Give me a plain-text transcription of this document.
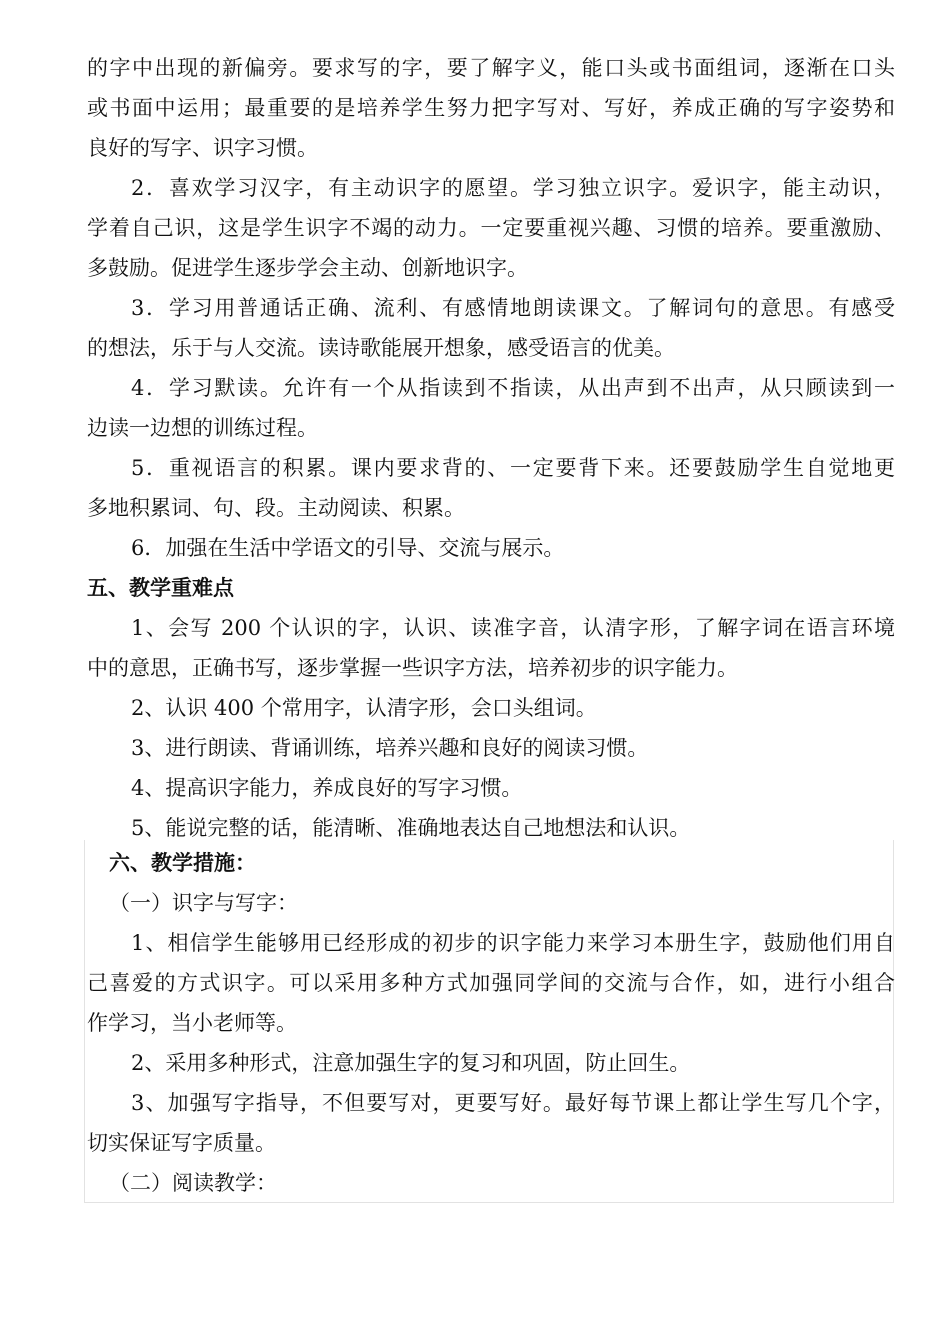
的字中出现的新偏旁。要求写的字，要了解字义，能口头或书面组词，逐渐在口头
或书面中运用；最重要的是培养学生努力把字写对、写好，养成正确的写字姿势和
良好的写字、识字习惯。
2．喜欢学习汉字，有主动识字的愿望。学习独立识字。爱识字，能主动识，
学着自己识，这是学生识字不竭的动力。一定要重视兴趣、习惯的培养。要重激励、
多鼓励。促进学生逐步学会主动、创新地识字。
3．学习用普通话正确、流利、有感情地朗读课文。了解词句的意思。有感受
的想法，乐于与人交流。读诗歌能展开想象，感受语言的优美。
4．学习默读。允许有一个从指读到不指读，从出声到不出声，从只顾读到一
边读一边想的训练过程。
5．重视语言的积累。课内要求背的、一定要背下来。还要鼓励学生自觉地更
多地积累词、句、段。主动阅读、积累。
6．加强在生活中学语文的引导、交流与展示。
五、教学重难点
1、会写 200 个认识的字，认识、读准字音，认清字形，了解字词在语言环境
中的意思，正确书写，逐步掌握一些识字方法，培养初步的识字能力。
2、认识 400 个常用字，认清字形，会口头组词。
3、进行朗读、背诵训练，培养兴趣和良好的阅读习惯。
4、提高识字能力，养成良好的写字习惯。
5、能说完整的话，能清晰、准确地表达自己地想法和认识。
六、教学措施：
（一）识字与写字：
1、相信学生能够用已经形成的初步的识字能力来学习本册生字，鼓励他们用自
己喜爱的方式识字。可以采用多种方式加强同学间的交流与合作，如，进行小组合
作学习，当小老师等。
2、采用多种形式，注意加强生字的复习和巩固，防止回生。
3、加强写字指导，不但要写对，更要写好。最好每节课上都让学生写几个字，
切实保证写字质量。
（二）阅读教学：
